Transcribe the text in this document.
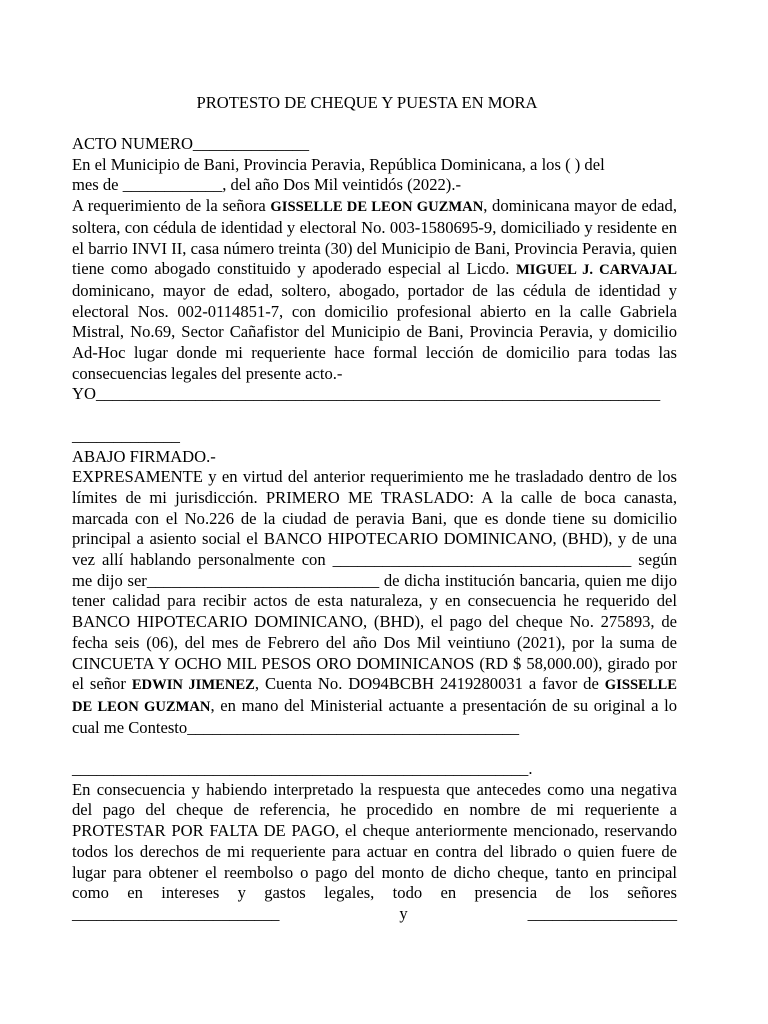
PROTESTO DE CHEQUE Y PUESTA EN MORA
ACTO NUMERO______________
En el Municipio de Bani, Provincia Peravia, República Dominicana, a los ( ) del
mes de ____________, del año Dos Mil veintidós (2022).-

A requerimiento de la señora GISSELLE DE LEON GUZMAN, dominicana mayor de edad, soltera, con cédula de identidad y electoral No. 003-1580695-9, domiciliado y residente en el barrio INVI II, casa número treinta (30) del Municipio de Bani, Provincia Peravia, quien tiene como abogado constituido y apoderado especial al Licdo. MIGUEL J. CARVAJAL dominicano, mayor de edad, soltero, abogado, portador de las cédula de identidad y electoral Nos. 002-0114851-7, con domicilio profesional abierto en la calle Gabriela Mistral, No.69, Sector Cañafistor del Municipio de Bani, Provincia Peravia, y domicilio Ad-Hoc lugar donde mi requeriente hace formal lección de domicilio para todas las consecuencias legales del presente acto.-

YO____________________________________________________________________
_____________
ABAJO FIRMADO.-

EXPRESAMENTE y en virtud del anterior requerimiento me he trasladado dentro de los límites de mi jurisdicción. PRIMERO ME TRASLADO: A la calle de boca canasta, marcada con el No.226 de la ciudad de peravia Bani, que es donde tiene su domicilio principal a asiento social el BANCO HIPOTECARIO DOMINICANO, (BHD), y de una vez allí hablando personalmente con ____________________________________ según me dijo ser____________________________ de dicha institución bancaria, quien me dijo tener calidad para recibir actos de esta naturaleza, y en consecuencia he requerido del BANCO HIPOTECARIO DOMINICANO, (BHD), el pago del cheque No. 275893, de fecha seis (06), del mes de Febrero del año Dos Mil veintiuno (2021), por la suma de CINCUETA Y OCHO MIL PESOS ORO DOMINICANOS (RD $ 58,000.00), girado por el señor EDWIN JIMENEZ, Cuenta No. DO94BCBH 2419280031 a favor de GISSELLE DE LEON GUZMAN, en mano del Ministerial actuante a presentación de su original a lo cual me Contesto________________________________________

_______________________________________________________.

En consecuencia y habiendo interpretado la respuesta que antecedes como una negativa del pago del cheque de referencia, he procedido en nombre de mi requeriente a PROTESTAR POR FALTA DE PAGO, el cheque anteriormente mencionado, reservando todos los derechos de mi requeriente para actuar en contra del librado o quien fuere de lugar para obtener el reembolso o pago del monto de dicho cheque, tanto en principal como en intereses y gastos legales, todo en presencia de los señores _________________________ y __________________
